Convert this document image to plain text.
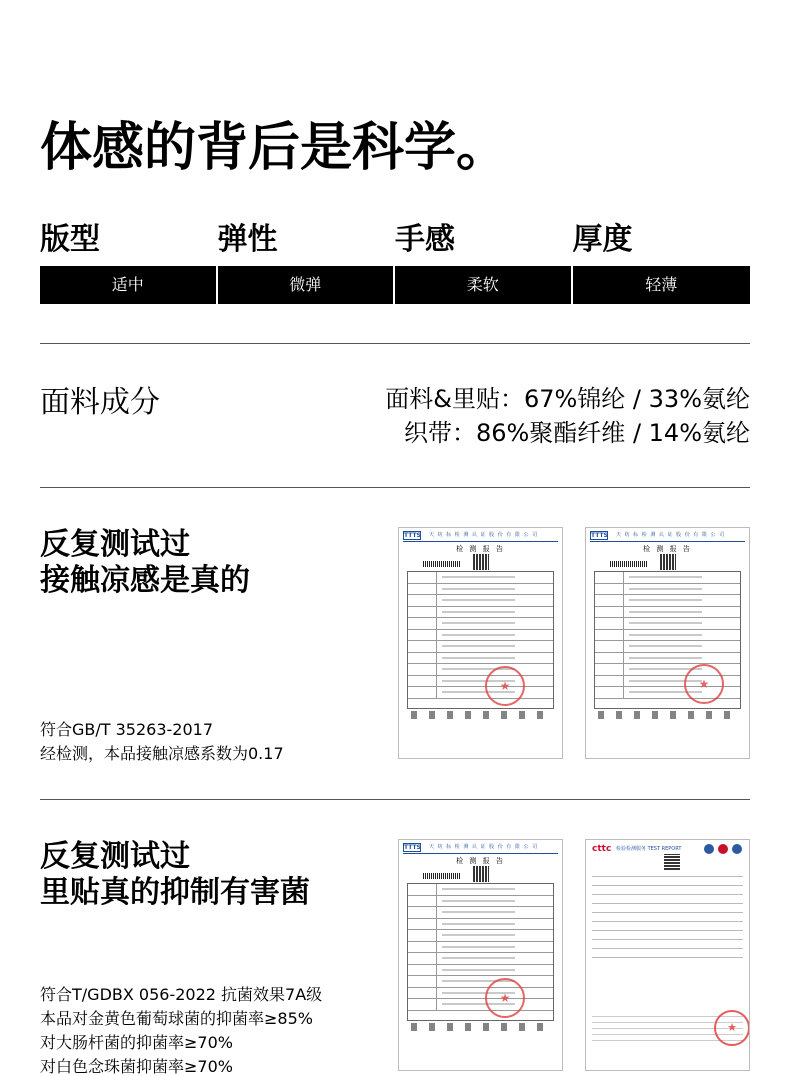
体感的背后是科学。
版型
适中
弹性
微弹
手感
柔软
厚度
轻薄
面料成分	面料&里贴：67%锦纶 / 33%氨纶
织带：86%聚酯纤维 / 14%氨纶
反复测试过
接触凉感是真的
符合GB/T 35263-2017
经检测，本品接触凉感系数为0.17
TTTS 天 纺 标 检 测 认 证 股 份 有 限 公 司
检 测 报 告
★
TTTS 天 纺 标 检 测 认 证 股 份 有 限 公 司
检 测 报 告
★
反复测试过
里贴真的抑制有害菌
符合T/GDBX 056-2022 抗菌效果7A级
本品对金黄色葡萄球菌的抑菌率≥85%
对大肠杆菌的抑菌率≥70%
对白色念珠菌抑菌率≥70%
TTTS 天 纺 标 检 测 认 证 股 份 有 限 公 司
检 测 报 告
★
cttc 检验检测服务 TEST REPORT
★
